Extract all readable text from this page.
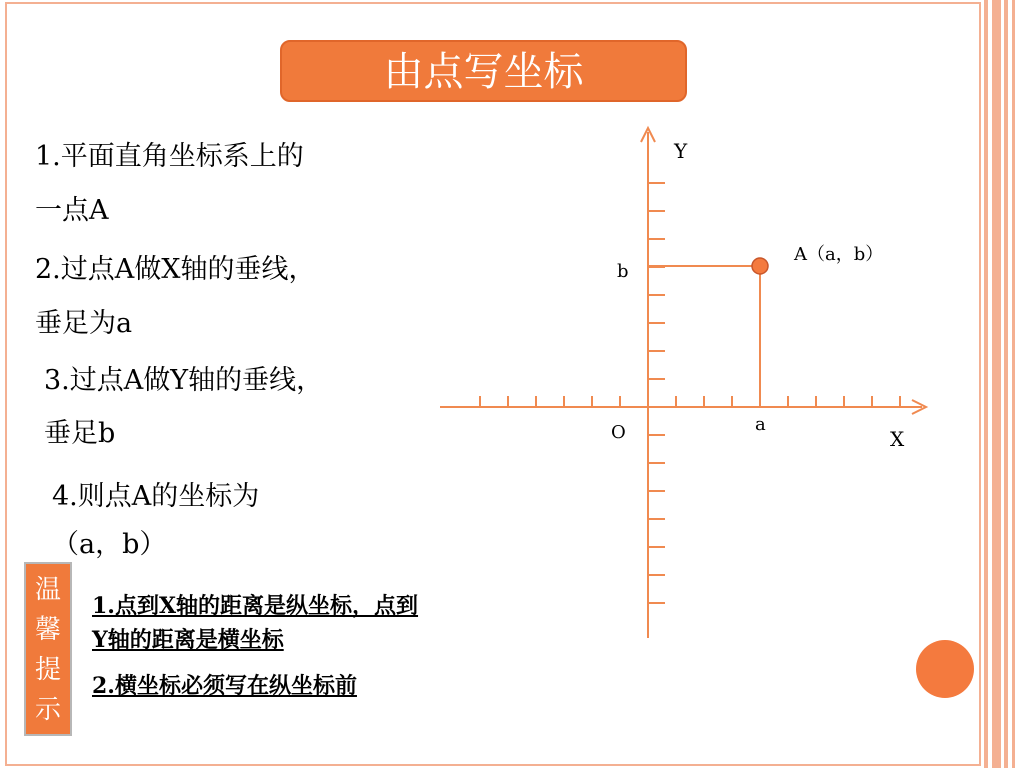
由点写坐标
1.平面直角坐标系上的
一点A
2.过点A做X轴的垂线，
垂足为a
3.过点A做Y轴的垂线，
垂足b
4.则点A的坐标为
（a，b）
Y
X
O
A（a，b）
a
b
温
馨
提
示
1.点到X轴的距离是纵坐标，点到
Y轴的距离是横坐标
2.横坐标必须写在纵坐标前
